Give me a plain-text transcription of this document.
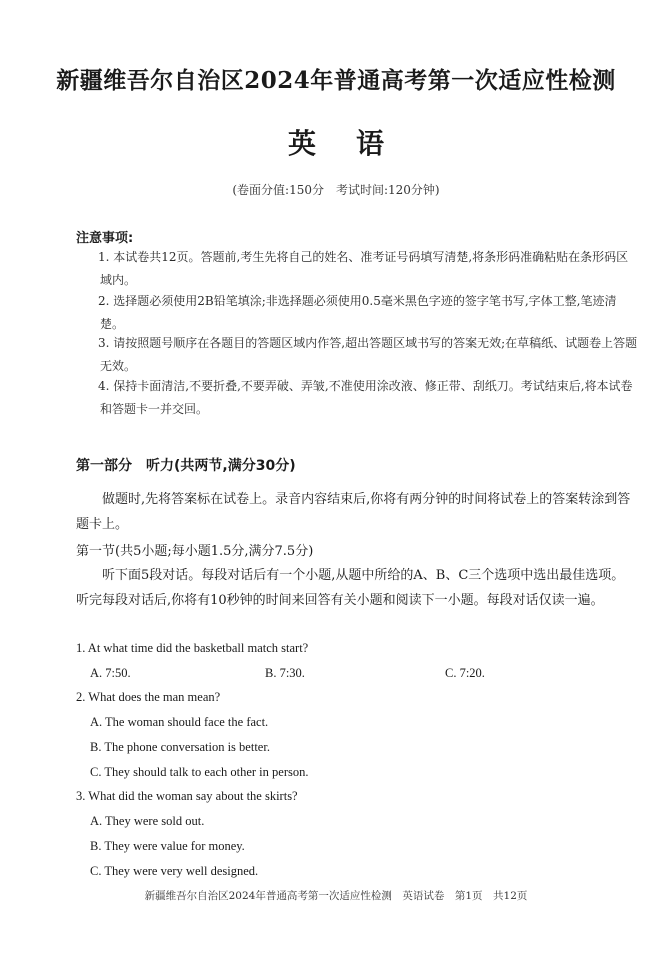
新疆维吾尔自治区2024年普通高考第一次适应性检测
英语
(卷面分值:150分　考试时间:120分钟)
注意事项:
1. 本试卷共12页。答题前,考生先将自己的姓名、准考证号码填写清楚,将条形码准确粘贴在条形码区域内。
2. 选择题必须使用2B铅笔填涂;非选择题必须使用0.5毫米黑色字迹的签字笔书写,字体工整,笔迹清楚。
3. 请按照题号顺序在各题目的答题区域内作答,超出答题区域书写的答案无效;在草稿纸、试题卷上答题无效。
4. 保持卡面清洁,不要折叠,不要弄破、弄皱,不准使用涂改液、修正带、刮纸刀。考试结束后,将本试卷和答题卡一并交回。
第一部分　听力(共两节,满分30分)
做题时,先将答案标在试卷上。录音内容结束后,你将有两分钟的时间将试卷上的答案转涂到答题卡上。
第一节(共5小题;每小题1.5分,满分7.5分)
听下面5段对话。每段对话后有一个小题,从题中所给的A、B、C三个选项中选出最佳选项。听完每段对话后,你将有10秒钟的时间来回答有关小题和阅读下一小题。每段对话仅读一遍。
1. At what time did the basketball match start?
A. 7:50.	B. 7:30.	C. 7:20.
2. What does the man mean?
A. The woman should face the fact.
B. The phone conversation is better.
C. They should talk to each other in person.
3. What did the woman say about the skirts?
A. They were sold out.
B. They were value for money.
C. They were very well designed.
新疆维吾尔自治区2024年普通高考第一次适应性检测　英语试卷　第1页　共12页
